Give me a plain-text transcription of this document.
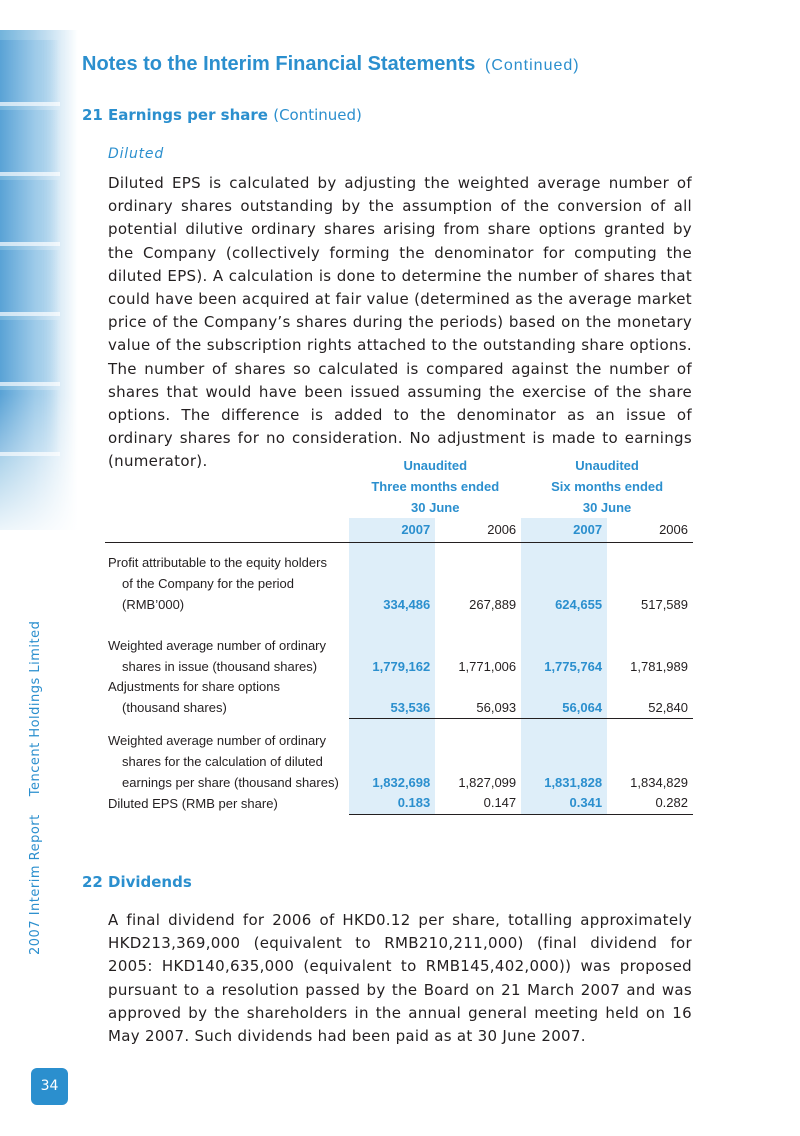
2007 Interim ReportTencent Holdings Limited
34
Notes to the Interim Financial Statements (Continued)
21 Earnings per share (Continued)
Diluted

Diluted EPS is calculated by adjusting the weighted average number of ordinary shares outstanding by the assumption of the conversion of all potential dilutive ordinary shares arising from share options granted by the Company (collectively forming the denominator for computing the diluted EPS). A calculation is done to determine the number of shares that could have been acquired at fair value (determined as the average market price of the Company’s shares during the periods) based on the monetary value of the subscription rights attached to the outstanding share options. The number of shares so calculated is compared against the number of shares that would have been issued assuming the exercise of the share options. The difference is added to the denominator as an issue of ordinary shares for no consideration. No adjustment is made to earnings (numerator).

		Unaudited		Unaudited	
	Three months ended		Six months ended	
	30 June		30 June	
	2007	2006	2007	2006

Profit attributable to the equity holders

of the Company for the period
(RMB’000)	334,486	267,889	624,655	517,589

Weighted average number of ordinary

shares in issue (thousand shares)	1,779,162	1,771,006	1,775,764	1,781,989
Adjustments for share options

(thousand shares)	53,536	56,093	56,064	52,840

Weighted average number of ordinary

shares for the calculation of diluted
earnings per share (thousand shares)	1,832,698	1,827,099	1,831,828	1,834,829
Diluted EPS (RMB per share)	0.183	0.147	0.341	0.282
22 Dividends

A final dividend for 2006 of HKD0.12 per share, totalling approximately HKD213,369,000 (equivalent to RMB210,211,000) (final dividend for 2005: HKD140,635,000 (equivalent to RMB145,402,000)) was proposed pursuant to a resolution passed by the Board on 21 March 2007 and was approved by the shareholders in the annual general meeting held on 16 May 2007. Such dividends had been paid as at 30 June 2007.
